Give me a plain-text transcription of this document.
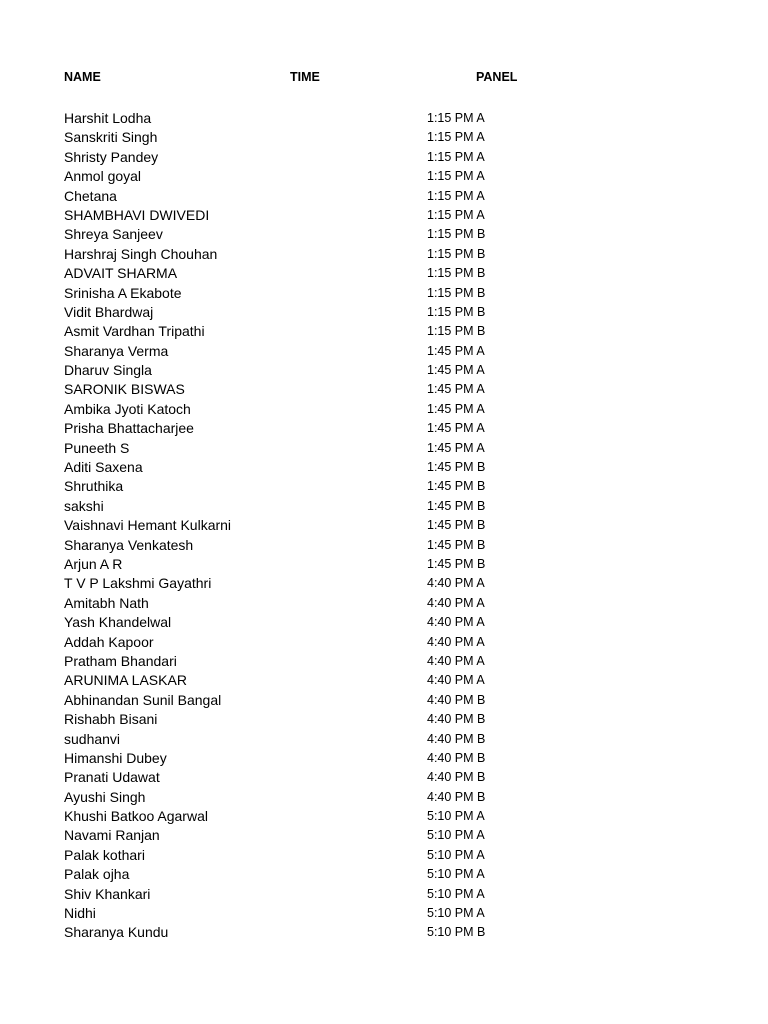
NAME	TIME	PANEL
Harshit Lodha	1:15 PM A
Sanskriti Singh	1:15 PM A
Shristy Pandey	1:15 PM A
Anmol goyal	1:15 PM A
Chetana	1:15 PM A
SHAMBHAVI DWIVEDI	1:15 PM A
Shreya Sanjeev	1:15 PM B
Harshraj Singh Chouhan	1:15 PM B
ADVAIT SHARMA	1:15 PM B
Srinisha A Ekabote	1:15 PM B
Vidit Bhardwaj	1:15 PM B
Asmit Vardhan Tripathi	1:15 PM B
Sharanya Verma	1:45 PM A
Dharuv Singla	1:45 PM A
SARONIK BISWAS	1:45 PM A
Ambika Jyoti Katoch	1:45 PM A
Prisha Bhattacharjee	1:45 PM A
Puneeth S	1:45 PM A
Aditi Saxena	1:45 PM B
Shruthika	1:45 PM B
sakshi	1:45 PM B
Vaishnavi Hemant Kulkarni	1:45 PM B
Sharanya Venkatesh	1:45 PM B
Arjun A R	1:45 PM B
T V P Lakshmi Gayathri	4:40 PM A
Amitabh Nath	4:40 PM A
Yash Khandelwal	4:40 PM A
Addah Kapoor	4:40 PM A
Pratham Bhandari	4:40 PM A
ARUNIMA LASKAR	4:40 PM A
Abhinandan Sunil Bangal	4:40 PM B
Rishabh Bisani	4:40 PM B
sudhanvi	4:40 PM B
Himanshi Dubey	4:40 PM B
Pranati Udawat	4:40 PM B
Ayushi Singh	4:40 PM B
Khushi Batkoo Agarwal	5:10 PM A
Navami Ranjan	5:10 PM A
Palak kothari	5:10 PM A
Palak ojha	5:10 PM A
Shiv Khankari	5:10 PM A
Nidhi	5:10 PM A
Sharanya Kundu	5:10 PM B
